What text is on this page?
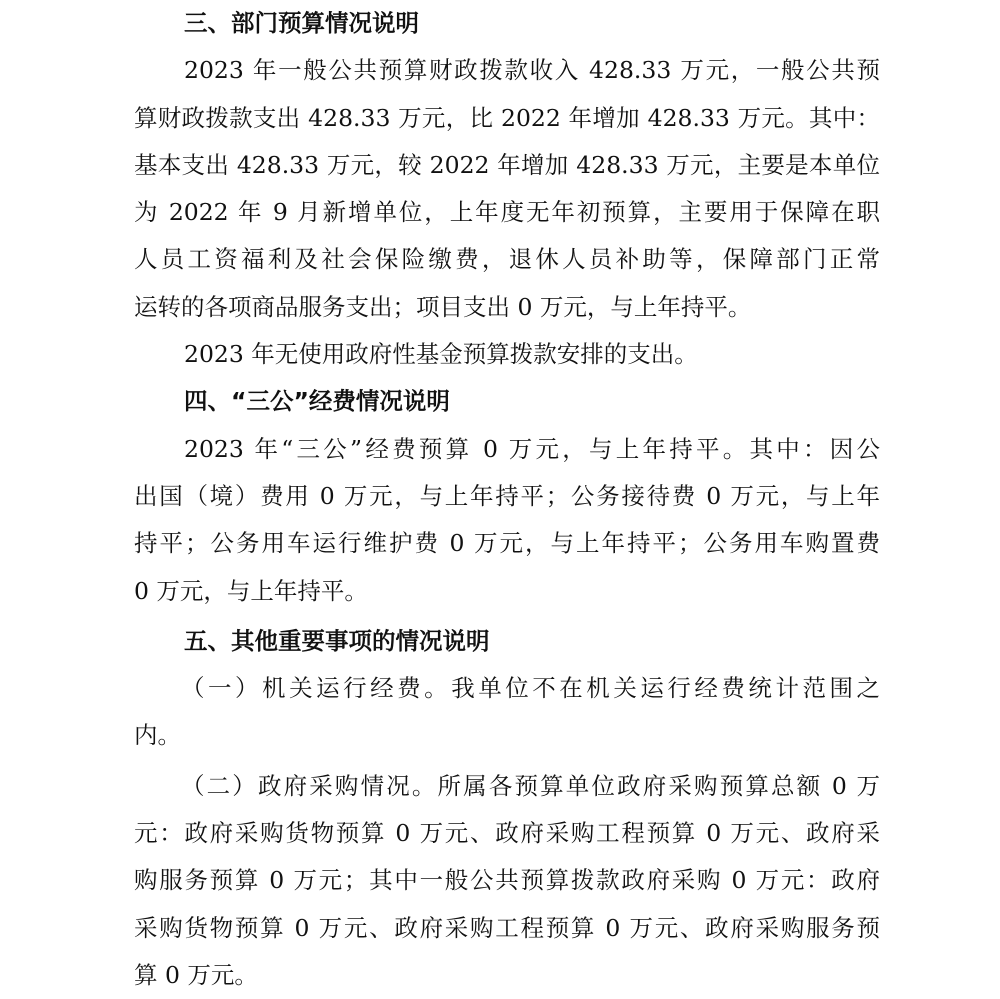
三、部门预算情况说明
2023 年一般公共预算财政拨款收入 428.33 万元，一般公共预
算财政拨款支出 428.33 万元，比 2022 年增加 428.33 万元。其中：
基本支出 428.33 万元，较 2022 年增加 428.33 万元，主要是本单位
为 2022 年 9 月新增单位，上年度无年初预算，主要用于保障在职
人员工资福利及社会保险缴费，退休人员补助等，保障部门正常
运转的各项商品服务支出；项目支出 0 万元，与上年持平。
2023 年无使用政府性基金预算拨款安排的支出。
四、“三公”经费情况说明
2023 年“三公”经费预算 0 万元，与上年持平。其中：因公
出国（境）费用 0 万元，与上年持平；公务接待费 0 万元，与上年
持平；公务用车运行维护费 0 万元，与上年持平；公务用车购置费
0 万元，与上年持平。
五、其他重要事项的情况说明
（一）机关运行经费。我单位不在机关运行经费统计范围之
内。
（二）政府采购情况。所属各预算单位政府采购预算总额 0 万
元：政府采购货物预算 0 万元、政府采购工程预算 0 万元、政府采
购服务预算 0 万元；其中一般公共预算拨款政府采购 0 万元：政府
采购货物预算 0 万元、政府采购工程预算 0 万元、政府采购服务预
算 0 万元。
